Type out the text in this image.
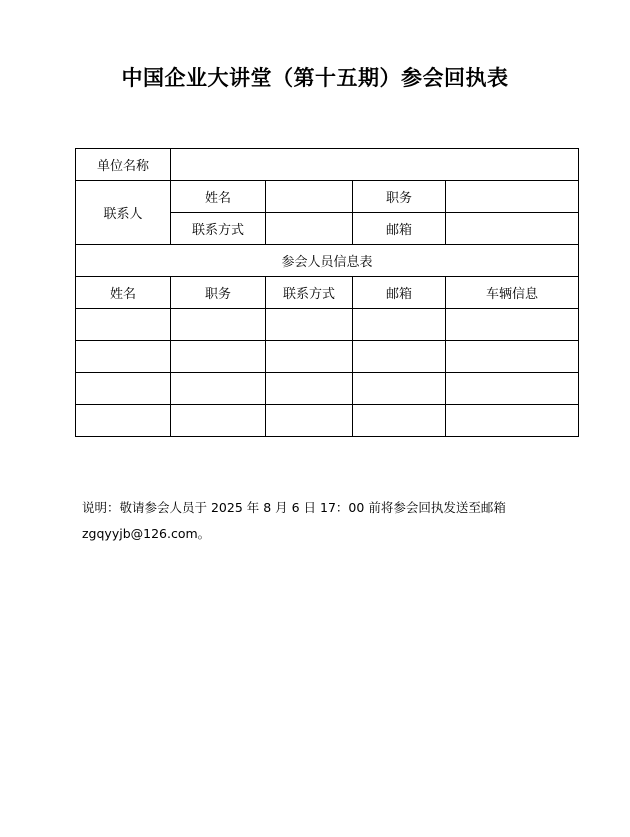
中国企业大讲堂（第十五期）参会回执表
单位名称				
联系人	姓名		职务	
	联系方式		邮箱	
参会人员信息表				
姓名	职务	联系方式	邮箱	车辆信息

说明：敬请参会人员于 2025 年 8 月 6 日 17：00 前将参会回执发送至邮箱
zgqyyjb@126.com。
